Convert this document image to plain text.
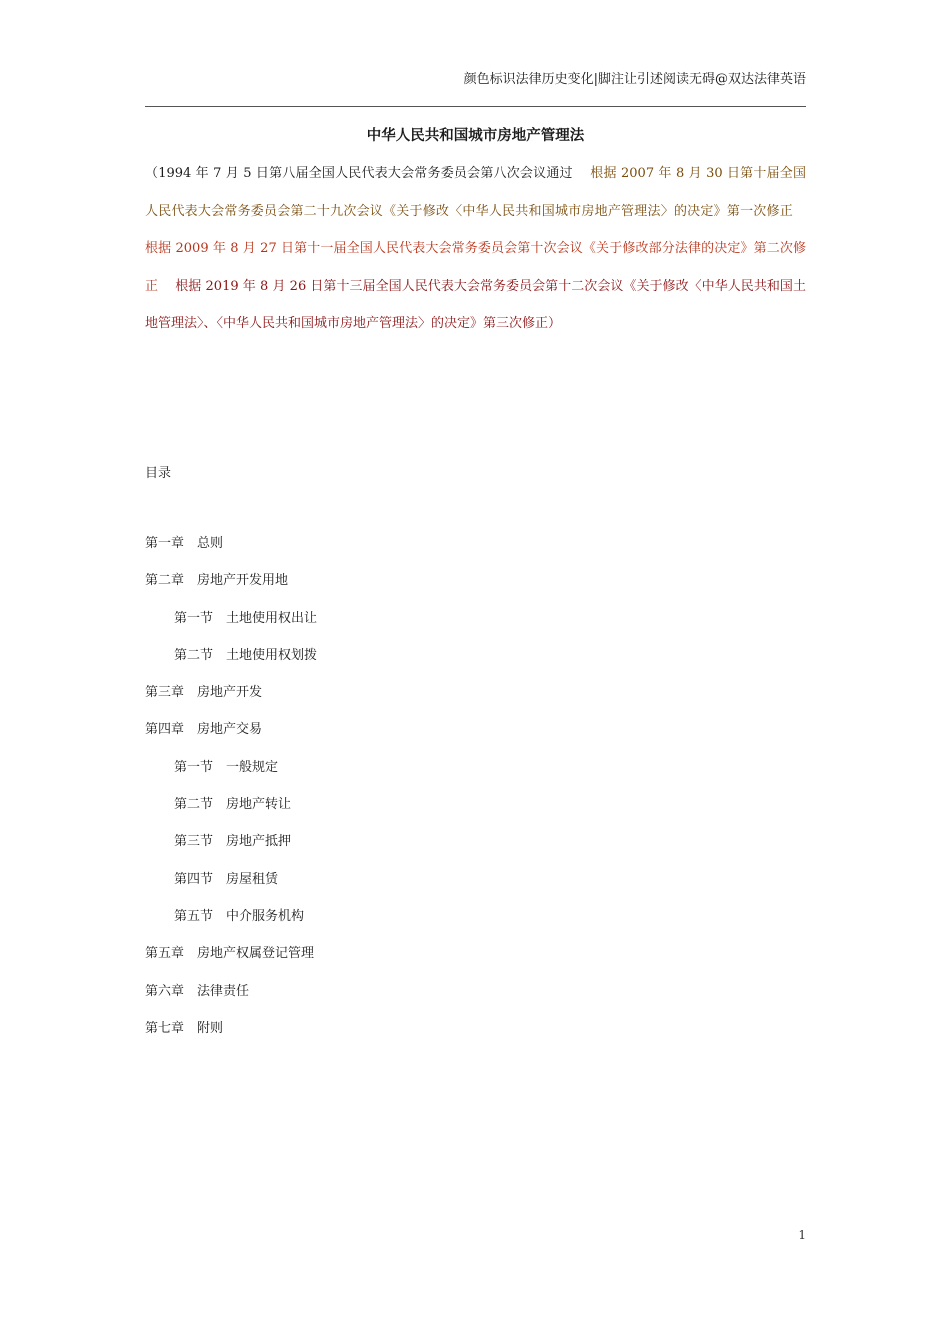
颜色标识法律历史变化|脚注让引述阅读无碍@双达法律英语
中华人民共和国城市房地产管理法
（1994 年 7 月 5 日第八届全国人民代表大会常务委员会第八次会议通过　 根据 2007 年 8 月 30 日第十届全国人民代表大会常务委员会第二十九次会议《关于修改〈中华人民共和国城市房地产管理法〉的决定》第一次修正　 根据 2009 年 8 月 27 日第十一届全国人民代表大会常务委员会第十次会议《关于修改部分法律的决定》第二次修正　 根据 2019 年 8 月 26 日第十三届全国人民代表大会常务委员会第十二次会议《关于修改〈中华人民共和国土地管理法〉、〈中华人民共和国城市房地产管理法〉的决定》第三次修正）
目录
第一章 总则
第二章 房地产开发用地
第一节 土地使用权出让
第二节 土地使用权划拨
第三章 房地产开发
第四章 房地产交易
第一节 一般规定
第二节 房地产转让
第三节 房地产抵押
第四节 房屋租赁
第五节 中介服务机构
第五章 房地产权属登记管理
第六章 法律责任
第七章 附则
1
